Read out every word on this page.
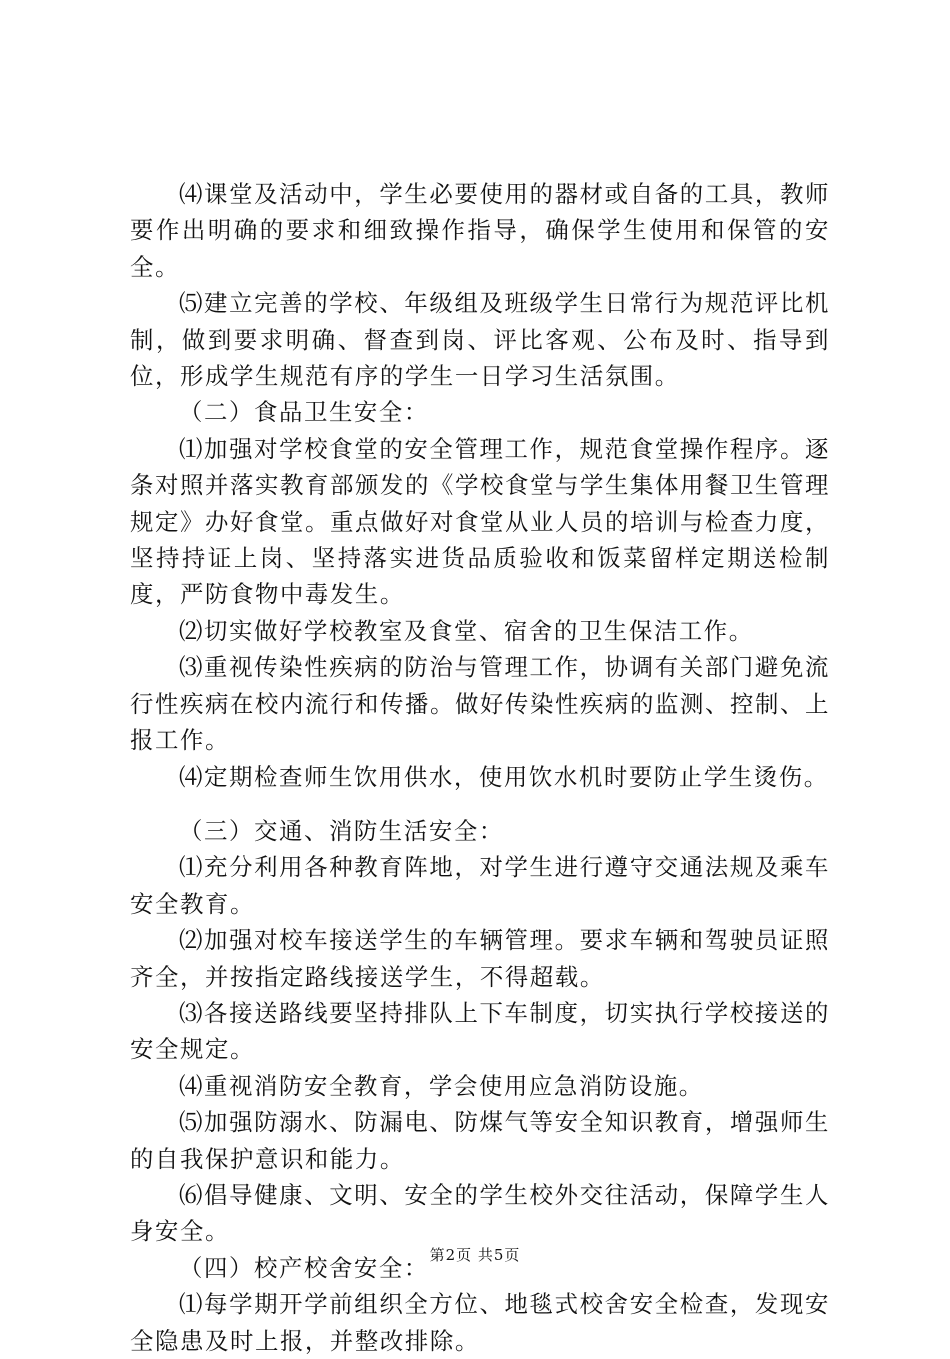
⑷课堂及活动中，学生必要使用的器材或自备的工具，教师要作出明确的要求和细致操作指导，确保学生使用和保管的安全。

⑸建立完善的学校、年级组及班级学生日常行为规范评比机制，做到要求明确、督查到岗、评比客观、公布及时、指导到位，形成学生规范有序的学生一日学习生活氛围。

（二）食品卫生安全：

⑴加强对学校食堂的安全管理工作，规范食堂操作程序。逐条对照并落实教育部颁发的《学校食堂与学生集体用餐卫生管理规定》办好食堂。重点做好对食堂从业人员的培训与检查力度，坚持持证上岗、坚持落实进货品质验收和饭菜留样定期送检制度，严防食物中毒发生。

⑵切实做好学校教室及食堂、宿舍的卫生保洁工作。

⑶重视传染性疾病的防治与管理工作，协调有关部门避免流行性疾病在校内流行和传播。做好传染性疾病的监测、控制、上报工作。

⑷定期检查师生饮用供水，使用饮水机时要防止学生烫伤。

（三）交通、消防生活安全：

⑴充分利用各种教育阵地，对学生进行遵守交通法规及乘车安全教育。

⑵加强对校车接送学生的车辆管理。要求车辆和驾驶员证照齐全，并按指定路线接送学生，不得超载。

⑶各接送路线要坚持排队上下车制度，切实执行学校接送的安全规定。

⑷重视消防安全教育，学会使用应急消防设施。

⑸加强防溺水、防漏电、防煤气等安全知识教育，增强师生的自我保护意识和能力。

⑹倡导健康、文明、安全的学生校外交往活动，保障学生人身安全。

（四）校产校舍安全：

⑴每学期开学前组织全方位、地毯式校舍安全检查，发现安全隐患及时上报，并整改排除。

第2页 共5页
